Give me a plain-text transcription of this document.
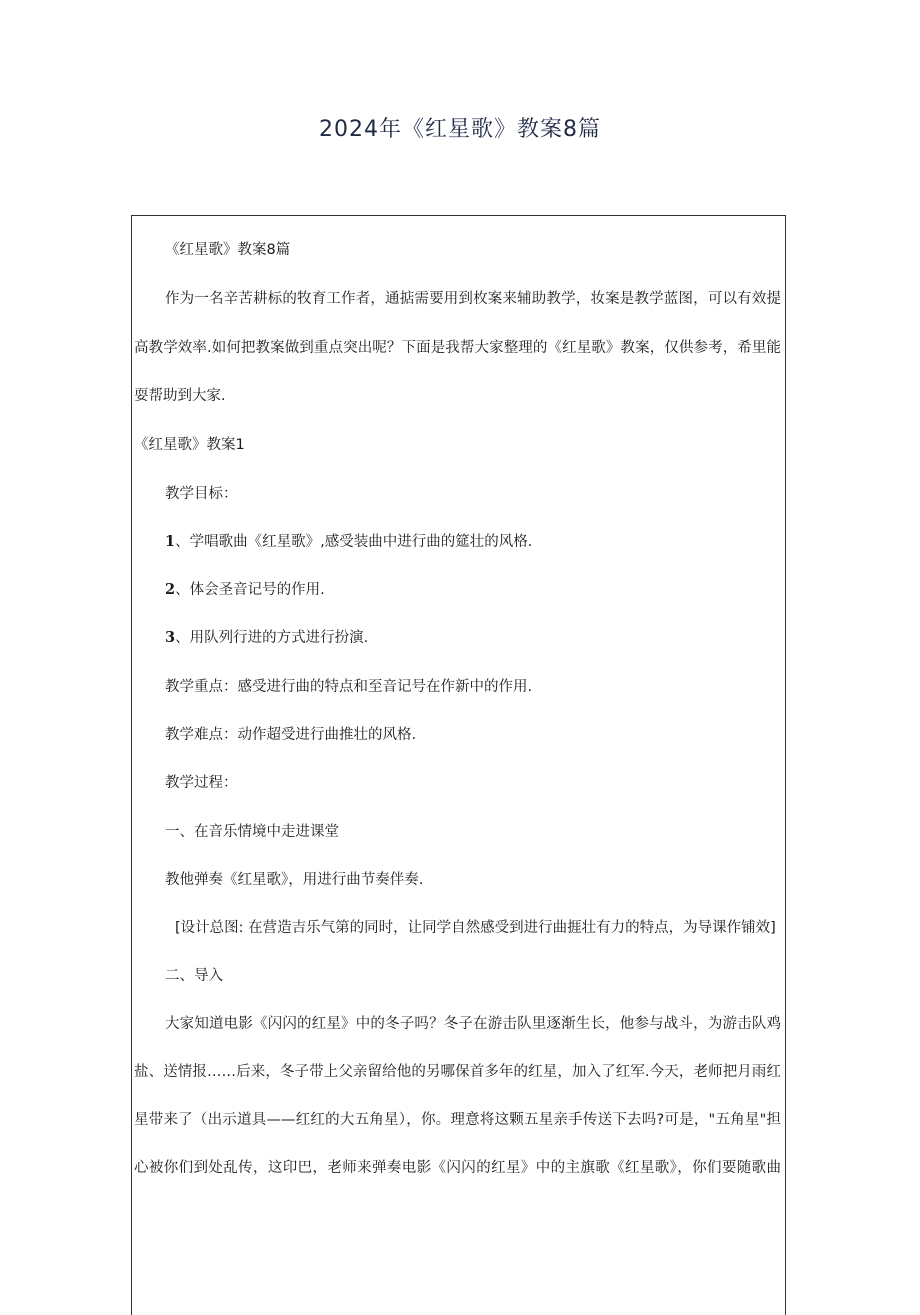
2024年《红星歌》教案8篇
《红星歌》教案8篇
作为一名辛苦耕标的牧育工作者，通掂需要用到枚案来辅助教学，妆案是教学蓝图，可以有效提
高教学效率.如何把教案做到重点突出呢？下面是我帮大家整理的《红星歌》教案，仅供参考，希里能
耍帮助到大家.
《红星歌》教案1
教学目标：
1、学唱歌曲《红星歌》,感受装曲中进行曲的筵壮的风格.
2、体会圣音记号的作用.
3、用队列行进的方式进行扮演.
教学重点：感受进行曲的特点和至音记号在作新中的作用.
教学难点：动作超受进行曲推壮的风格.
教学过程：
一、在音乐情境中走进课堂
教他弹奏《红星歌》，用进行曲节奏伴奏.
[设计总图: 在营造吉乐气第的同时，让同学自然感受到进行曲捱壮有力的特点，为导课作铺效]
二、导入
大家知道电影《闪闪的红星》中的冬子吗？冬子在游击队里逐渐生长，他参与战斗，为游击队鸡
盐、送情报……后来，冬子带上父亲留给他的另哪保首多年的红星，加入了红军.今天，老师把月雨红
星带来了（出示道具——红红的大五角星），你。理意将这颗五星亲手传送下去吗?可是，"五角星"担
心被你们到处乱传，这印巴，老师来弹奏电影《闪闪的红星》中的主旗歌《红星歌》，你们要随歌曲
